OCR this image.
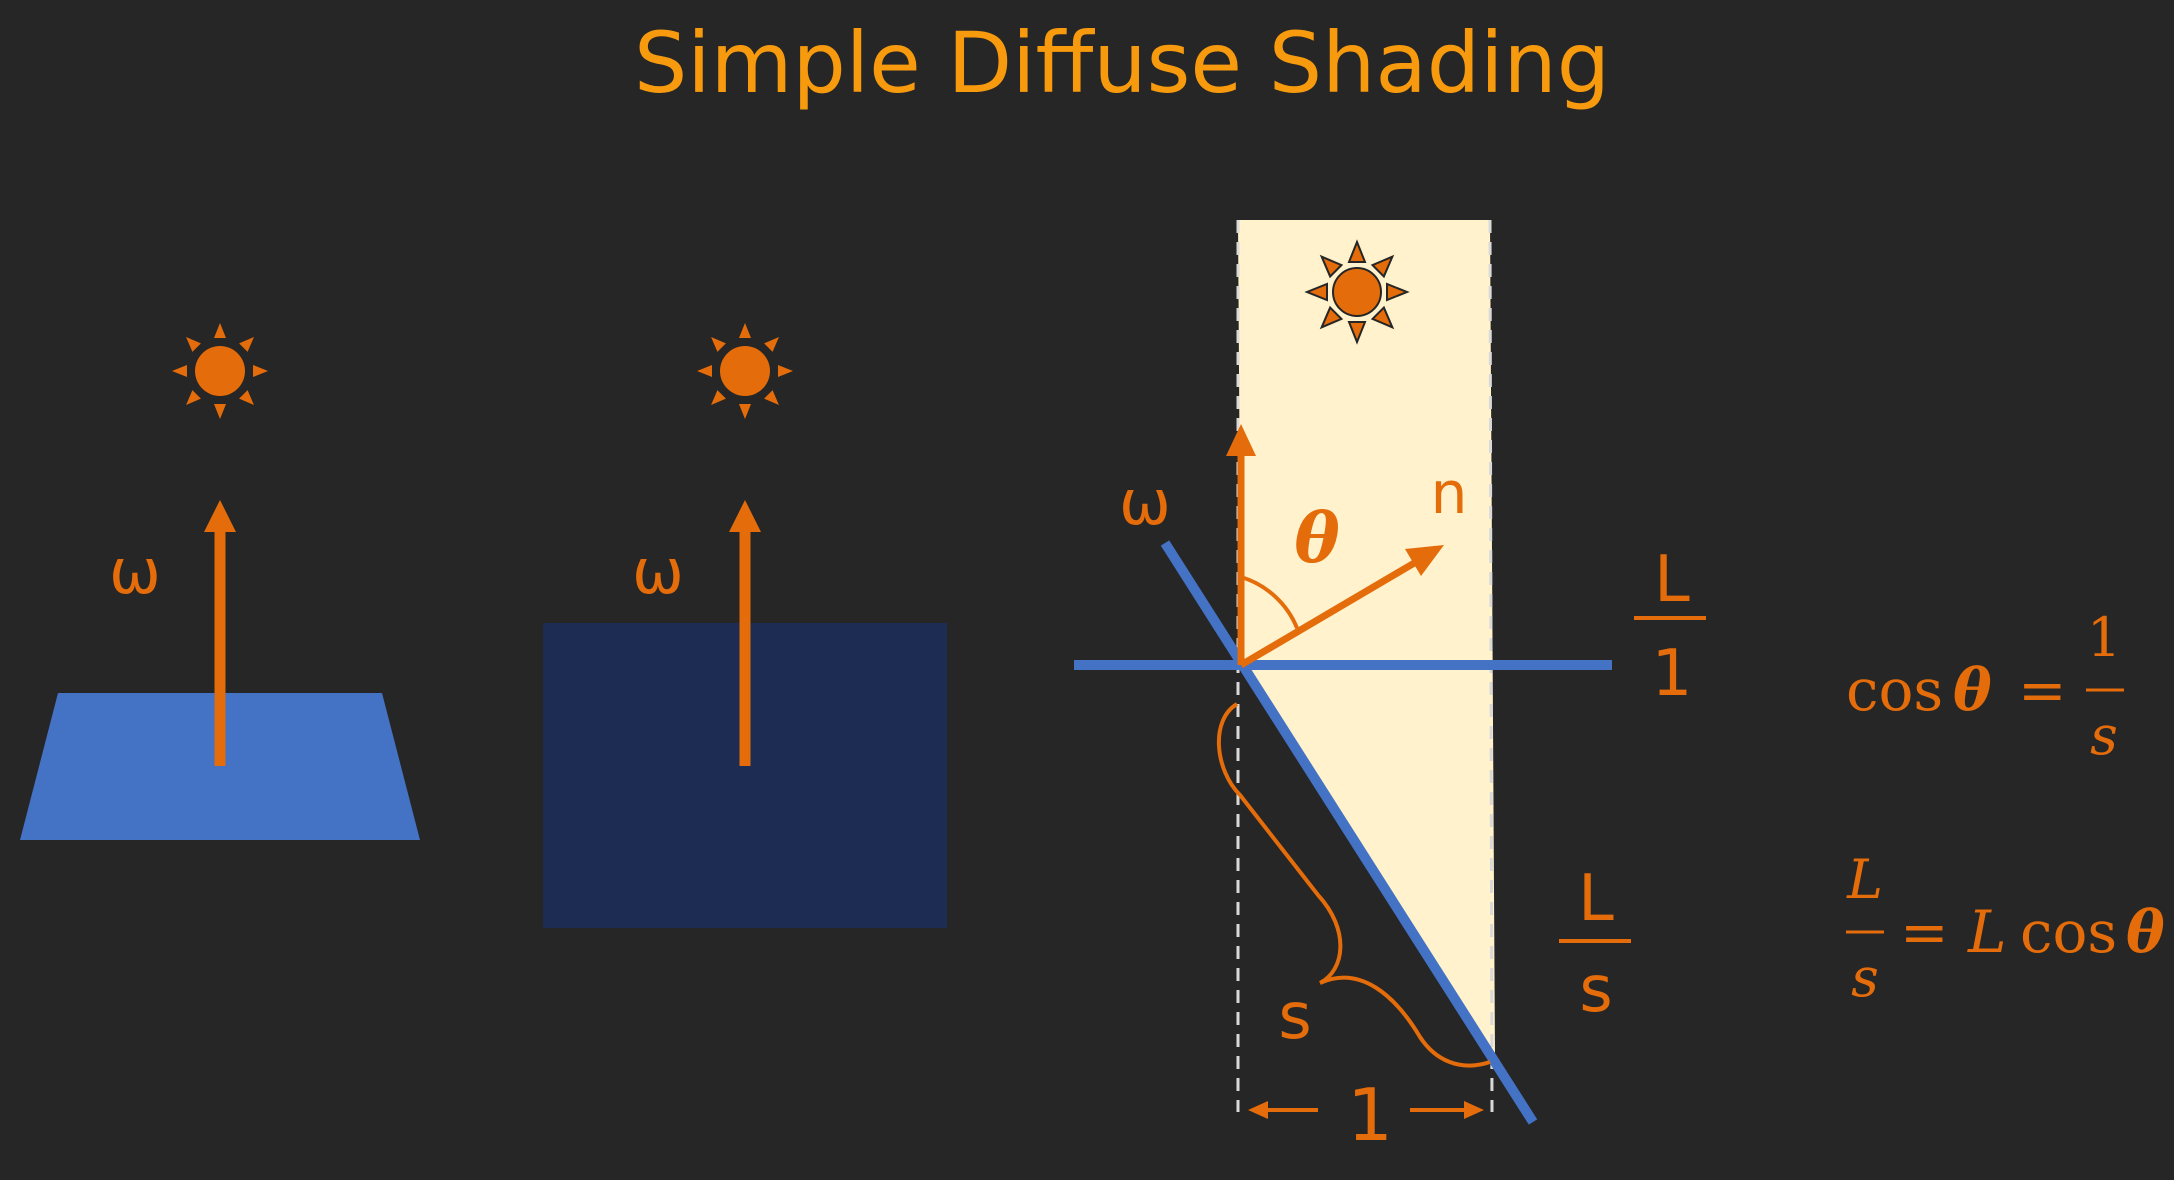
Simple Diffuse Shading
ω	ω
ω	n
θ
L
1
L
s
s
1
cos θ =
1
s
L
s
= L cos θ
